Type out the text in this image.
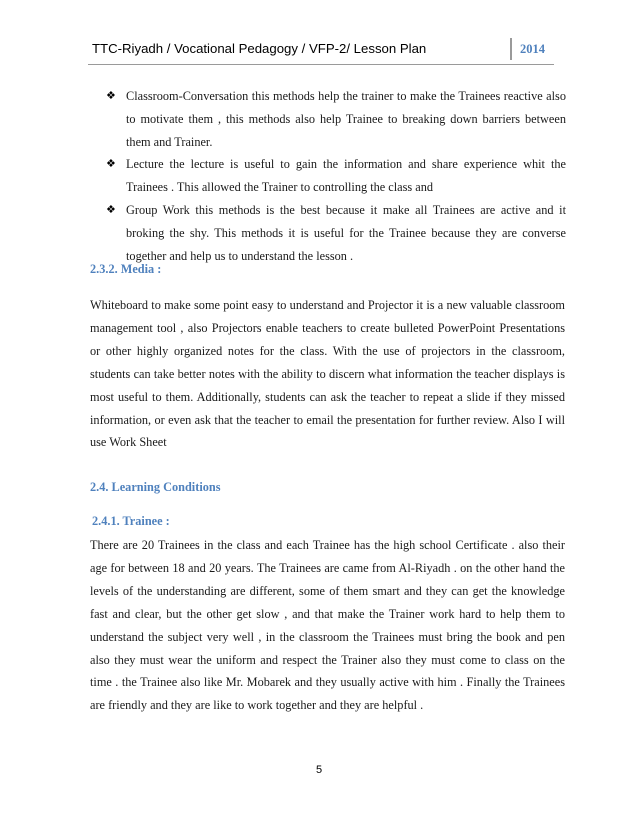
TTC-Riyadh / Vocational Pedagogy / VFP-2/ Lesson Plan	2014
❖ Classroom-Conversation this methods help the trainer to make the Trainees reactive also to motivate them , this methods also help Trainee to breaking down barriers between them and Trainer.
❖ Lecture the lecture is useful to gain the information and share experience whit the Trainees . This allowed the Trainer to controlling the class and
❖ Group Work this methods is the best because it make all Trainees are active and it broking the shy. This methods it is useful for the Trainee because they are converse together and help us to understand the lesson .
2.3.2. Media :
Whiteboard to make some point easy to understand and Projector it is a new valuable classroom management tool , also Projectors enable teachers to create bulleted PowerPoint Presentations or other highly organized notes for the class. With the use of projectors in the classroom, students can take better notes with the ability to discern what information the teacher displays is most useful to them. Additionally, students can ask the teacher to repeat a slide if they missed information, or even ask that the teacher to email the presentation for further review. Also I will use Work Sheet
2.4. Learning Conditions
2.4.1. Trainee :
There are 20 Trainees in the class and each Trainee has the high school Certificate . also their age for between 18 and 20 years. The Trainees are came from Al-Riyadh . on the other hand the levels of the understanding are different, some of them smart and they can get the knowledge fast and clear, but the other get slow , and that make the Trainer work hard to help them to understand the subject very well , in the classroom the Trainees must bring the book and pen also they must wear the uniform and respect the Trainer also they must come to class on the time . the Trainee also like Mr. Mobarek and they usually active with him . Finally the Trainees are friendly and they are like to work together and they are helpful .
5
